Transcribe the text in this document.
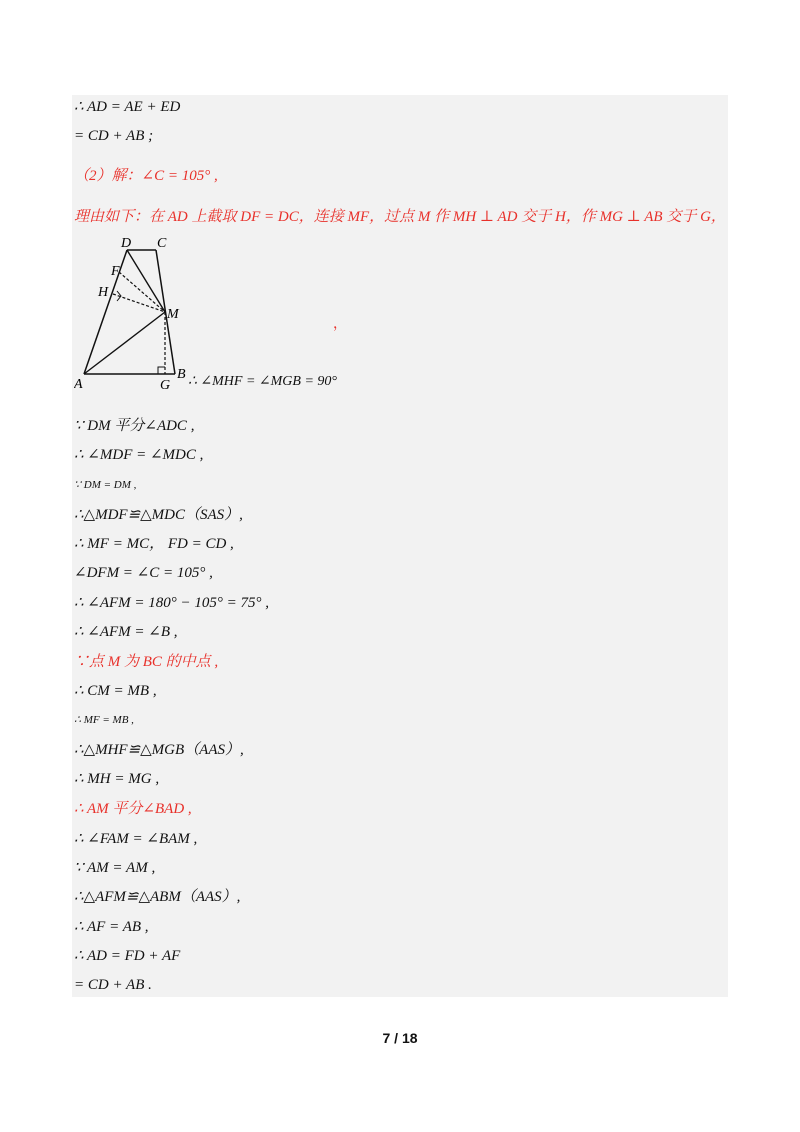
∴ AD = AE + ED
= CD + AB ;
（2）解：∠C = 105° ,
理由如下：在 AD 上截取 DF = DC，连接 MF，过点 M 作 MH ⊥ AD 交于 H，作 MG ⊥ AB 交于 G，
∵ DM 平分∠ADC ,
∴ ∠MDF = ∠MDC ,
∵ DM = DM ,
∴△MDF≌△MDC（SAS）,
∴ MF = MC， FD = CD ,
∠DFM = ∠C = 105° ,
∴ ∠AFM = 180° − 105° = 75° ,
∴ ∠AFM = ∠B ,
∵点 M 为 BC 的中点 ,
∴ CM = MB ,
∴ MF = MB ,
∴△MHF≌△MGB（AAS）,
∴ MH = MG ,
∴ AM 平分∠BAD ,
∴ ∠FAM = ∠BAM ,
∵ AM = AM ,
∴△AFM≌△ABM（AAS）,
∴ AF = AB ,
∴ AD = FD + AF
= CD + AB .
D C
F
H
M
A	G
B
，
∴ ∠MHF = ∠MGB = 90°
7 / 18
